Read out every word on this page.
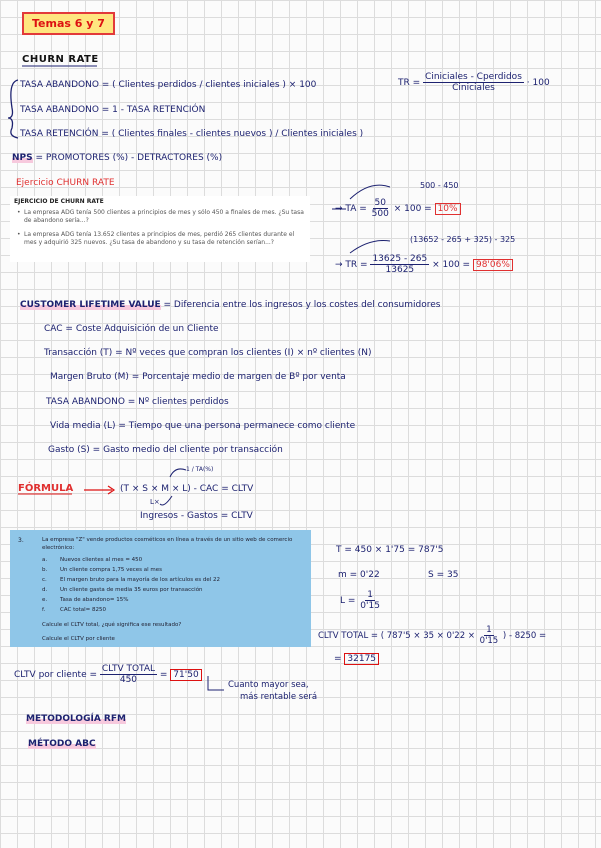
Temas 6 y 7
CHURN RATE
TASA ABANDONO = ( Clientes perdidos / clientes iniciales ) × 100
TASA ABANDONO = 1 - TASA RETENCIÓN
TASA RETENCIÓN = ( Clientes finales - clientes nuevos ) / Clientes iniciales )
TR = $\frac{\text{Ciniciales - Cperdidos}}{\text{Ciniciales}} \cdot 100$
NPS = PROMOTORES (%) - DETRACTORES (%)
Ejercicio CHURN RATE
EJERCICIO DE CHURN RATE
• La empresa ADG tenía 500 clientes a principios de mes y sólo 450 a finales de mes. ¿Su tasa de abandono sería...?
• La empresa ADG tenía 13.652 clientes a principios de mes, perdió 265 clientes durante el mes y adquirió 325 nuevos. ¿Su tasa de abandono y su tasa de retención serían...?
500 - 450
→ TA = $\frac{50}{500} \times 100 = 10\%$
(13652 - 265 + 325) - 325
→ TR = $\frac{13625 - 265}{13625} \times 100 = 98'06\%$
CUSTOMER LIFETIME VALUE = Diferencia entre los ingresos y los costes del consumidores
CAC = Coste Adquisición de un Cliente
Transacción (T) = Nº veces que compran los clientes (I) × nº clientes (N)
Margen Bruto (M) = Porcentaje medio de margen de Bº por venta
TASA ABANDONO = Nº clientes perdidos
Vida media (L) = Tiempo que una persona permanece como cliente
Gasto (S) = Gasto medio del cliente por transacción
FÓRMULA
1 / TA(%)
(T × S × M × L) - CAC = CLTV
L×
Ingresos - Gastos = CLTV
3.	La empresa "Z" vende productos cosméticos en línea a través de un sitio web de comercio electrónico:
a. Nuevos clientes al mes = 450
b. Un cliente compra 1,75 veces al mes
c. El margen bruto para la mayoría de los artículos es del 22
d. Un cliente gasta de media 35 euros por transacción
e. Tasa de abandono= 15%
f.	CAC total= 8250
Calcule el CLTV total, ¿qué significa ese resultado?
Calcule el CLTV por cliente
T = 450 × 1'75 = 787'5
m = 0'22	S = 35
$L = \frac{1}{0'15}$
CLTV TOTAL = ( $787'5 \times 35 \times 0'22 \times \frac{1}{0'15}$ ) - 8250 =
= 32175
CLTV por cliente = $\frac{\text{CLTV TOTAL}}{450} = 71'50$
Cuanto mayor sea,
más rentable será
METODOLOGÍA RFM
MÉTODO ABC
